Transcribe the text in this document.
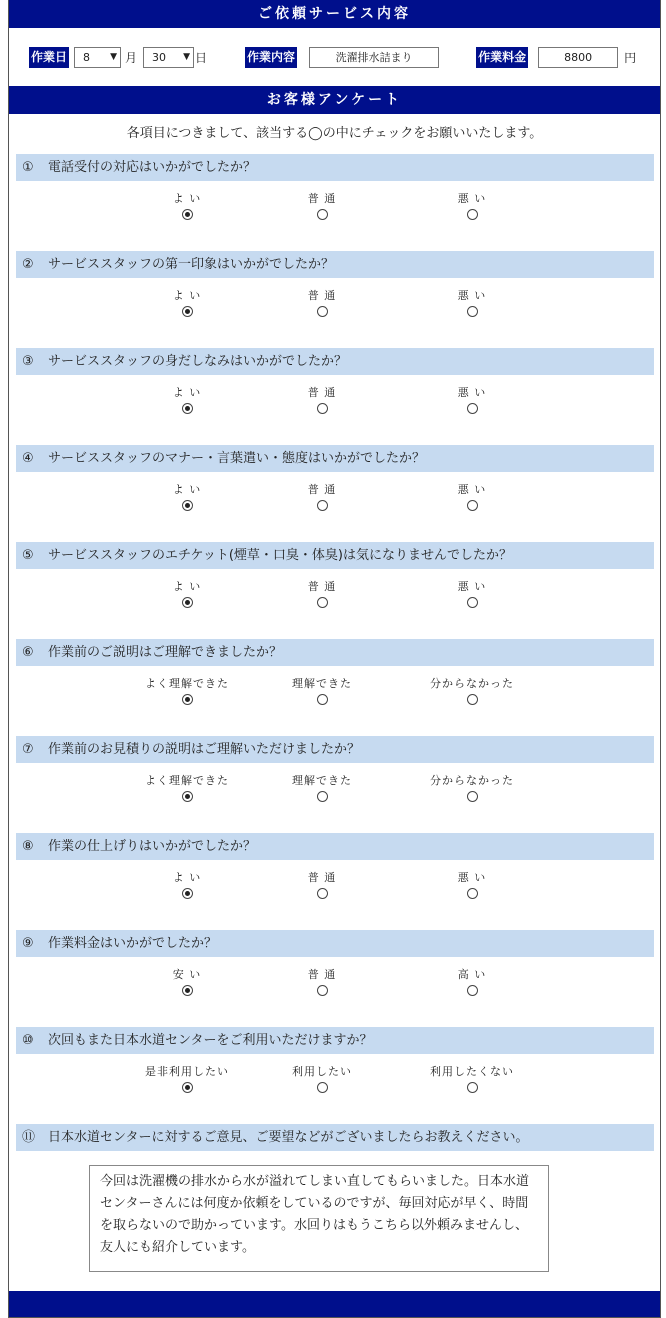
ご依頼サービス内容
作業日 8 ▼ 月 30 ▼ 日	作業内容	洗濯排水詰まり	作業料金	8800	円
お客様アンケート
各項目につきまして、該当する◯の中にチェックをお願いいたします。
① 電話受付の対応はいかがでしたか？
よ い	普 通	悪 い
② サービススタッフの第一印象はいかがでしたか？
よ い	普 通	悪 い
③ サービススタッフの身だしなみはいかがでしたか？
よ い	普 通	悪 い
④ サービススタッフのマナー・言葉遣い・態度はいかがでしたか？
よ い	普 通	悪 い
⑤ サービススタッフのエチケット(煙草・口臭・体臭)は気になりませんでしたか？
よ い	普 通	悪 い
⑥ 作業前のご説明はご理解できましたか？
よく理解できた	理解できた	分からなかった
⑦ 作業前のお見積りの説明はご理解いただけましたか？
よく理解できた	理解できた	分からなかった
⑧ 作業の仕上げりはいかがでしたか？
よ い	普 通	悪 い
⑨ 作業料金はいかがでしたか？
安 い	普 通	高 い
⑩ 次回もまた日本水道センターをご利用いただけますか？
是非利用したい	利用したい	利用したくない
⑪ 日本水道センターに対するご意見、ご要望などがございましたらお教えください。
今回は洗濯機の排水から水が溢れてしまい直してもらいました。日本水道センターさんには何度か依頼をしているのですが、毎回対応が早く、時間を取らないので助かっています。水回りはもうこちら以外頼みませんし、友人にも紹介しています。
